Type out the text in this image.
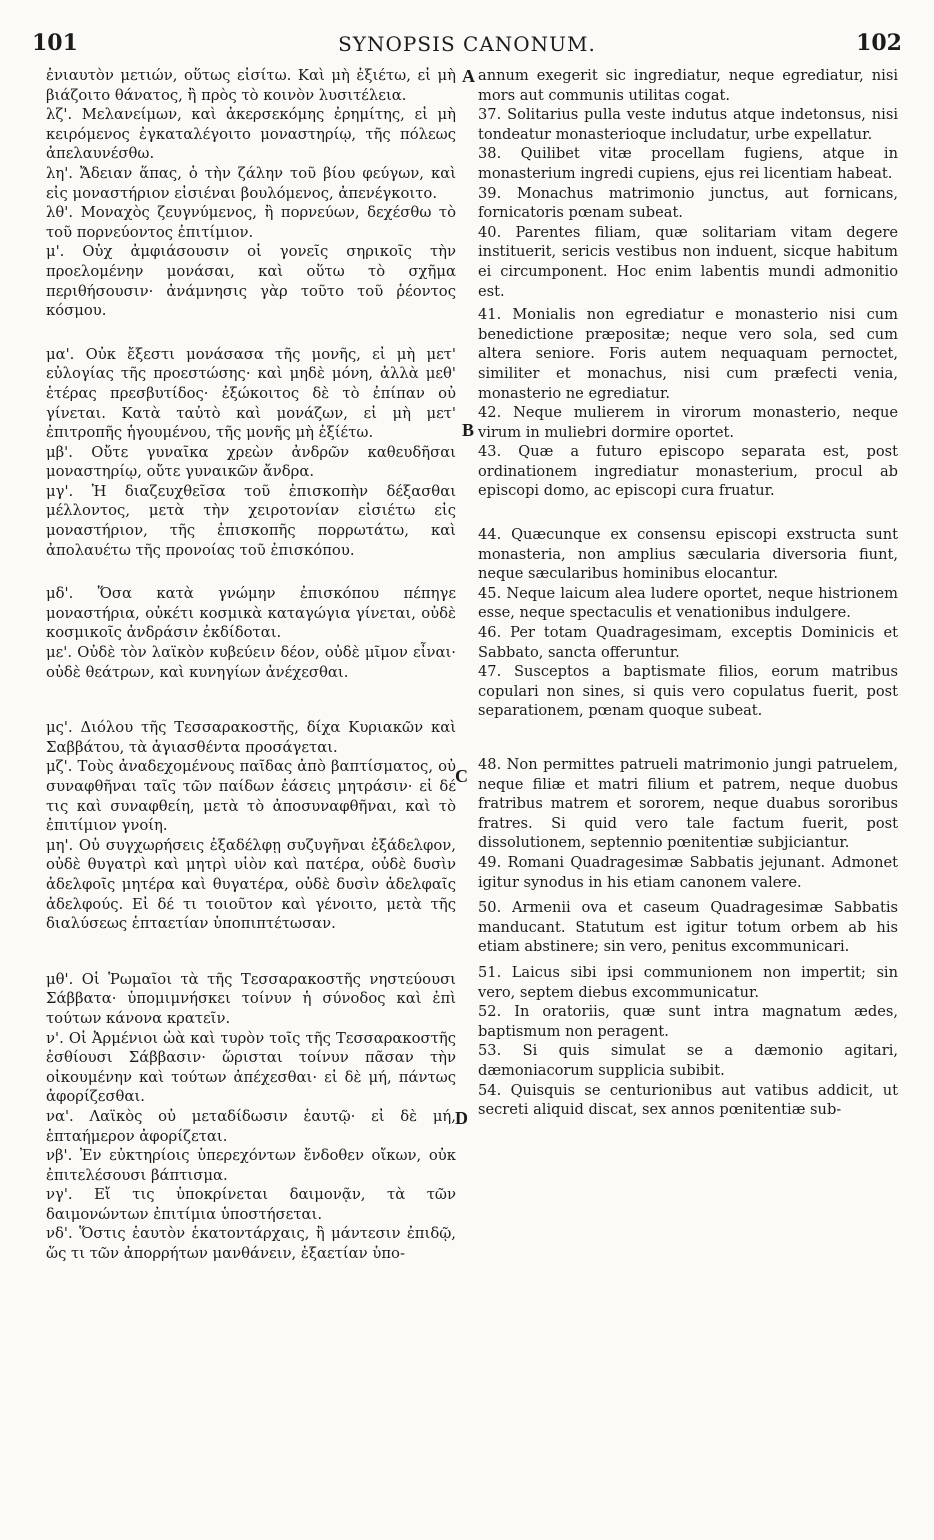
101	SYNOPSIS CANONUM.	102

ἐνιαυτὸν μετιών, οὕτως εἰσίτω. Καὶ μὴ ἐξιέτω, εἰ μὴ βιάζοιτο θάνατος, ἢ πρὸς τὸ κοινὸν λυσιτέλεια.

λζ'. Μελανείμων, καὶ ἀκερσεκόμης ἐρημίτης, εἰ μὴ κειρόμενος ἐγκαταλέγοιτο μοναστηρίῳ, τῆς πόλεως ἀπελαυνέσθω.

λη'. Ἄδειαν ἅπας, ὁ τὴν ζάλην τοῦ βίου φεύγων, καὶ εἰς μοναστήριον εἰσιέναι βουλόμενος, ἀπενέγκοιτο.

λθ'. Μοναχὸς ζευγνύμενος, ἢ πορνεύων, δεχέσθω τὸ τοῦ πορνεύοντος ἐπιτίμιον.

μ'. Οὐχ ἀμφιάσουσιν οἱ γονεῖς σηρικοῖς τὴν προελομένην μονάσαι, καὶ οὕτω τὸ σχῆμα περιθήσουσιν· ἀνάμνησις γὰρ τοῦτο τοῦ ῥέοντος κόσμου.

μα'. Οὐκ ἔξεστι μονάσασα τῆς μονῆς, εἰ μὴ μετ' εὐλογίας τῆς προεστώσης· καὶ μηδὲ μόνη, ἀλλὰ μεθ' ἑτέρας πρεσβυτίδος· ἐξώκοιτος δὲ τὸ ἐπίπαν οὐ γίνεται. Κατὰ ταὐτὸ καὶ μονάζων, εἰ μὴ μετ' ἐπιτροπῆς ἡγουμένου, τῆς μονῆς μὴ ἐξίέτω.

μβ'. Οὔτε γυναῖκα χρεὼν ἀνδρῶν καθευδῆσαι μοναστηρίῳ, οὔτε γυναικῶν ἄνδρα.

μγ'. Ἡ διαζευχθεῖσα τοῦ ἐπισκοπὴν δέξασθαι μέλλοντος, μετὰ τὴν χειροτονίαν εἰσιέτω εἰς μοναστήριον, τῆς ἐπισκοπῆς πορρωτάτω, καὶ ἀπολαυέτω τῆς προνοίας τοῦ ἐπισκόπου.

μδ'. Ὅσα κατὰ γνώμην ἐπισκόπου πέπηγε μοναστήρια, οὐκέτι κοσμικὰ καταγώγια γίνεται, οὐδὲ κοσμικοῖς ἀνδράσιν ἐκδίδοται.

με'. Οὐδὲ τὸν λαϊκὸν κυβεύειν δέον, οὐδὲ μῖμον εἶναι· οὐδὲ θεάτρων, καὶ κυνηγίων ἀνέχεσθαι.

μς'. Διόλου τῆς Τεσσαρακοστῆς, δίχα Κυριακῶν καὶ Σαββάτου, τὰ ἁγιασθέντα προσάγεται.

μζ'. Τοὺς ἀναδεχομένους παῖδας ἀπὸ βαπτίσματος, οὐ συναφθῆναι ταῖς τῶν παίδων ἐάσεις μητράσιν· εἰ δέ τις καὶ συναφθείη, μετὰ τὸ ἀποσυναφθῆναι, καὶ τὸ ἐπιτίμιον γνοίη.

μη'. Οὐ συγχωρήσεις ἐξαδέλφῃ συζυγῆναι ἐξάδελφον, οὐδὲ θυγατρὶ καὶ μητρὶ υἱὸν καὶ πατέρα, οὐδὲ δυσὶν ἀδελφοῖς μητέρα καὶ θυγατέρα, οὐδὲ δυσὶν ἀδελφαῖς ἀδελφούς. Εἰ δέ τι τοιοῦτον καὶ γένοιτο, μετὰ τῆς διαλύσεως ἑπταετίαν ὑποπιπτέτωσαν.

μθ'. Οἱ Ῥωμαῖοι τὰ τῆς Τεσσαρακοστῆς νηστεύουσι Σάββατα· ὑπομιμνήσκει τοίνυν ἡ σύνοδος καὶ ἐπὶ τούτων κάνονα κρατεῖν.

ν'. Οἱ Ἀρμένιοι ὠὰ καὶ τυρὸν τοῖς τῆς Τεσσαρακοστῆς ἐσθίουσι Σάββασιν· ὥρισται τοίνυν πᾶσαν τὴν οἰκουμένην καὶ τούτων ἀπέχεσθαι· εἰ δὲ μή, πάντως ἀφορίζεσθαι.

να'. Λαϊκὸς οὐ μεταδίδωσιν ἑαυτῷ· εἰ δὲ μή, ἑπταήμερον ἀφορίζεται.

νβ'. Ἐν εὐκτηρίοις ὑπερεχόντων ἔνδοθεν οἴκων, οὐκ ἐπιτελέσουσι βάπτισμα.

νγ'. Εἴ τις ὑποκρίνεται δαιμονᾷν, τὰ τῶν δαιμονώντων ἐπιτίμια ὑποστήσεται.

νδ'. Ὅστις ἑαυτὸν ἑκατοντάρχαις, ἢ μάντεσιν ἐπιδῷ, ὥς τι τῶν ἀπορρήτων μανθάνειν, ἑξαετίαν ὑπο-

annum exegerit sic ingrediatur, neque egrediatur, nisi mors aut communis utilitas cogat.

37. Solitarius pulla veste indutus atque indetonsus, nisi tondeatur monasterioque includatur, urbe expellatur.

38. Quilibet vitæ procellam fugiens, atque in monasterium ingredi cupiens, ejus rei licentiam habeat.

39. Monachus matrimonio junctus, aut fornicans, fornicatoris pœnam subeat.

40. Parentes filiam, quæ solitariam vitam degere instituerit, sericis vestibus non induent, sicque habitum ei circumponent. Hoc enim labentis mundi admonitio est.

41. Monialis non egrediatur e monasterio nisi cum benedictione præpositæ; neque vero sola, sed cum altera seniore. Foris autem nequaquam pernoctet, similiter et monachus, nisi cum præfecti venia, monasterio ne egrediatur.

42. Neque mulierem in virorum monasterio, neque virum in muliebri dormire oportet.

43. Quæ a futuro episcopo separata est, post ordinationem ingrediatur monasterium, procul ab episcopi domo, ac episcopi cura fruatur.

44. Quæcunque ex consensu episcopi exstructa sunt monasteria, non amplius sæcularia diversoria fiunt, neque sæcularibus hominibus elocantur.

45. Neque laicum alea ludere oportet, neque histrionem esse, neque spectaculis et venationibus indulgere.

46. Per totam Quadragesimam, exceptis Dominicis et Sabbato, sancta offeruntur.

47. Susceptos a baptismate filios, eorum matribus copulari non sines, si quis vero copulatus fuerit, post separationem, pœnam quoque subeat.

48. Non permittes patrueli matrimonio jungi patruelem, neque filiæ et matri filium et patrem, neque duobus fratribus matrem et sororem, neque duabus sororibus fratres. Si quid vero tale factum fuerit, post dissolutionem, septennio pœnitentiæ subjiciantur.

49. Romani Quadragesimæ Sabbatis jejunant. Admonet igitur synodus in his etiam canonem valere.

50. Armenii ova et caseum Quadragesimæ Sabbatis manducant. Statutum est igitur totum orbem ab his etiam abstinere; sin vero, penitus excommunicari.

51. Laicus sibi ipsi communionem non impertit; sin vero, septem diebus excommunicatur.

52. In oratoriis, quæ sunt intra magnatum ædes, baptismum non peragent.

53. Si quis simulat se a dæmonio agitari, dæmoniacorum supplicia subibit.

54. Quisquis se centurionibus aut vatibus addicit, ut secreti aliquid discat, sex annos pœnitentiæ sub-

A
B
C
D
